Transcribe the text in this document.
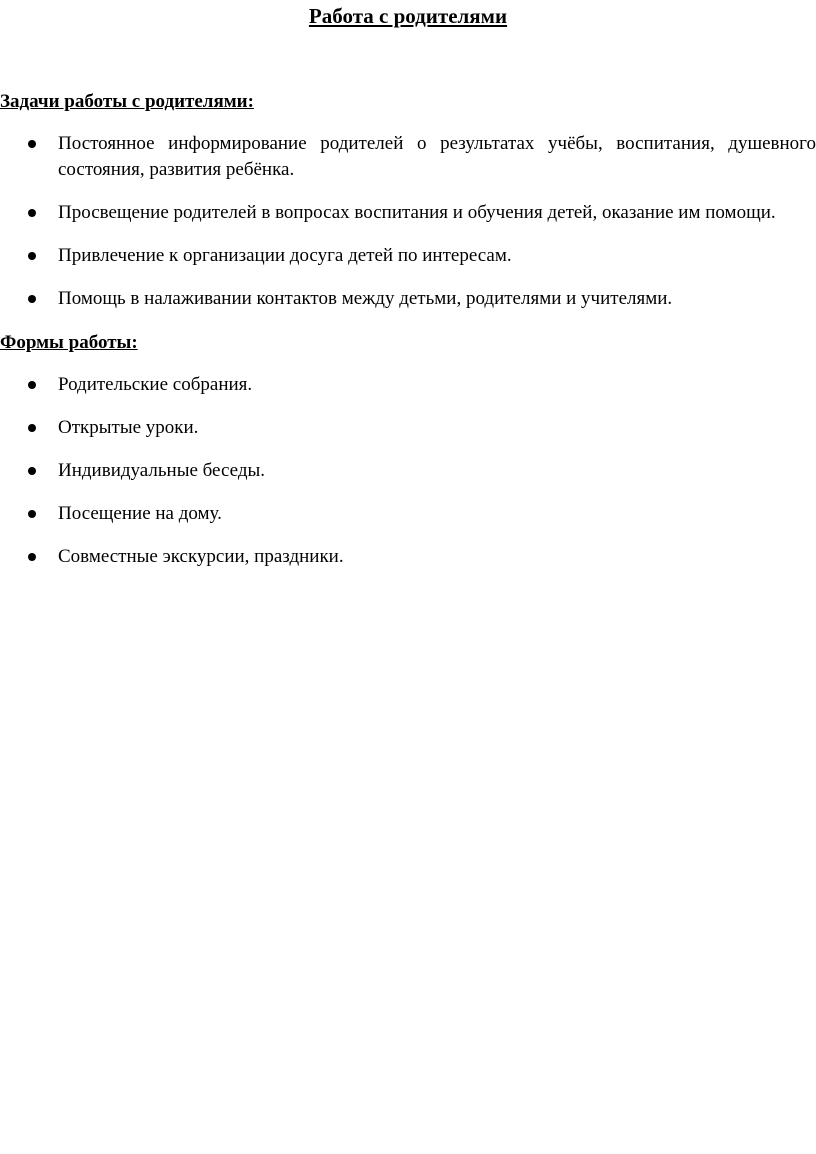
Работа с родителями
Задачи работы с родителями:
Постоянное информирование родителей о результатах учёбы, воспитания, душевного состояния, развития ребёнка.
Просвещение родителей в вопросах воспитания и обучения детей, оказание им помощи.
Привлечение к организации досуга детей по интересам.
Помощь в налаживании контактов между детьми, родителями и учителями.
Формы работы:
Родительские собрания.
Открытые уроки.
Индивидуальные беседы.
Посещение на дому.
Совместные экскурсии, праздники.
